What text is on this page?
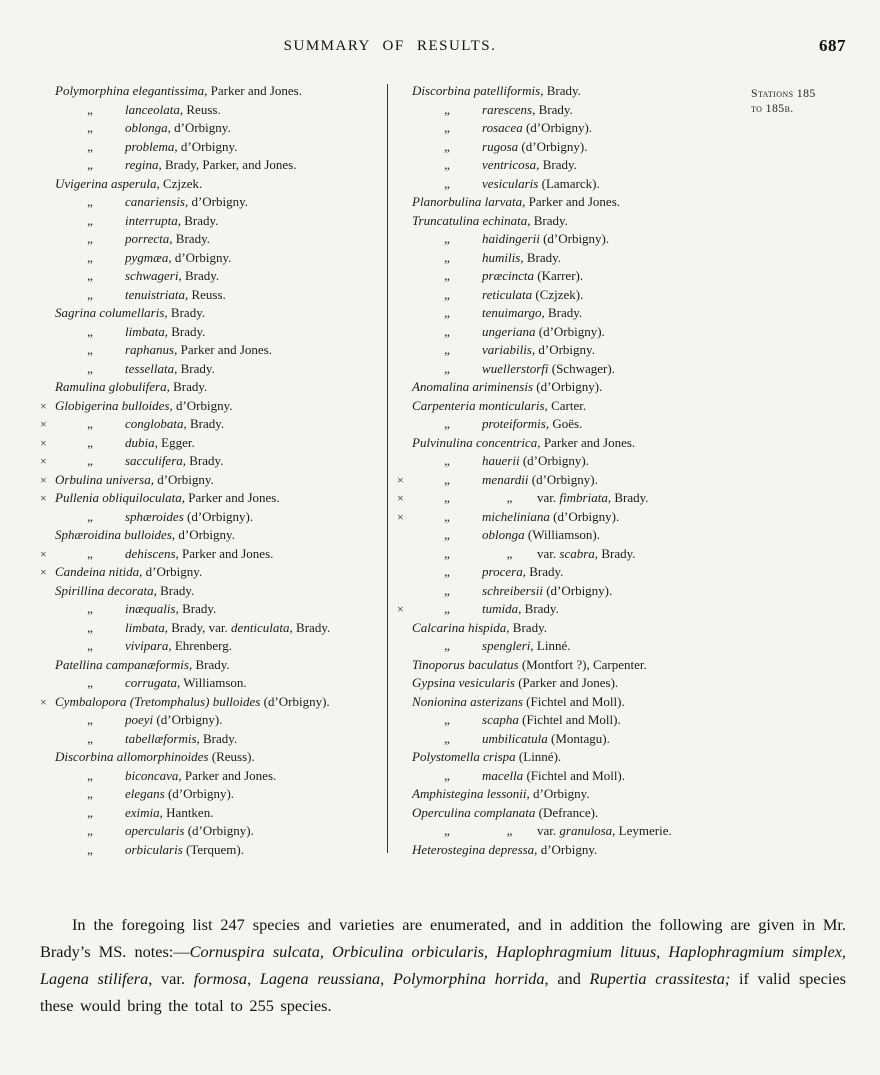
SUMMARY OF RESULTS.	687
Stations 185
to 185b.
Polymorphina elegantissima, Parker and Jones.
„ lanceolata, Reuss.
„ oblonga, d’Orbigny.
„ problema, d’Orbigny.
„ regina, Brady, Parker, and Jones.
Uvigerina asperula, Czjzek.
„ canariensis, d’Orbigny.
„ interrupta, Brady.
„ porrecta, Brady.
„ pygmæa, d’Orbigny.
„ schwageri, Brady.
„ tenuistriata, Reuss.
Sagrina columellaris, Brady.
„ limbata, Brady.
„ raphanus, Parker and Jones.
„ tessellata, Brady.
Ramulina globulifera, Brady.
× Globigerina bulloides, d’Orbigny.
×	„ conglobata, Brady.
×	„ dubia, Egger.
×	„ sacculifera, Brady.
× Orbulina universa, d’Orbigny.
× Pullenia obliquiloculata, Parker and Jones.
„ sphæroides (d’Orbigny).
Sphæroidina bulloides, d’Orbigny.
×	„ dehiscens, Parker and Jones.
× Candeina nitida, d’Orbigny.
Spirillina decorata, Brady.
„ inæqualis, Brady.
„ limbata, Brady, var. denticulata, Brady.
„ vivipara, Ehrenberg.
Patellina campanæformis, Brady.
„ corrugata, Williamson.
× Cymbalopora (Tretomphalus) bulloides (d’Orbigny).
„ poeyi (d’Orbigny).
„ tabellæformis, Brady.
Discorbina allomorphinoides (Reuss).
„ biconcava, Parker and Jones.
„ elegans (d’Orbigny).
„ eximia, Hantken.
„ opercularis (d’Orbigny).
„ orbicularis (Terquem).
Discorbina patelliformis, Brady.
„ rarescens, Brady.
„ rosacea (d’Orbigny).
„ rugosa (d’Orbigny).
„ ventricosa, Brady.
„ vesicularis (Lamarck).
Planorbulina larvata, Parker and Jones.
Truncatulina echinata, Brady.
„ haidingerii (d’Orbigny).
„ humilis, Brady.
„ præcincta (Karrer).
„ reticulata (Czjzek).
„ tenuimargo, Brady.
„ ungeriana (d’Orbigny).
„ variabilis, d’Orbigny.
„ wuellerstorfi (Schwager).
Anomalina ariminensis (d’Orbigny).
Carpenteria monticularis, Carter.
„ proteiformis, Goës.
Pulvinulina concentrica, Parker and Jones.
„ hauerii (d’Orbigny).
×	„ menardii (d’Orbigny).
×	„	„ var. fimbriata, Brady.
×	„ micheliniana (d’Orbigny).
„ oblonga (Williamson).
„	„ var. scabra, Brady.
„ procera, Brady.
„ schreibersii (d’Orbigny).
×	„ tumida, Brady.
Calcarina hispida, Brady.
„ spengleri, Linné.
Tinoporus baculatus (Montfort ?), Carpenter.
Gypsina vesicularis (Parker and Jones).
Nonionina asterizans (Fichtel and Moll).
„ scapha (Fichtel and Moll).
„ umbilicatula (Montagu).
Polystomella crispa (Linné).
„ macella (Fichtel and Moll).
Amphistegina lessonii, d’Orbigny.
Operculina complanata (Defrance).
„	„ var. granulosa, Leymerie.
Heterostegina depressa, d’Orbigny.

In the foregoing list 247 species and varieties are enumerated, and in addition the following are given in Mr. Brady’s MS. notes:—Cornuspira sulcata, Orbiculina orbicularis, Haplophragmium lituus, Haplophragmium simplex, Lagena stilifera, var. formosa, Lagena reussiana, Polymorphina horrida, and Rupertia crassitesta; if valid species these would bring the total to 255 species.
